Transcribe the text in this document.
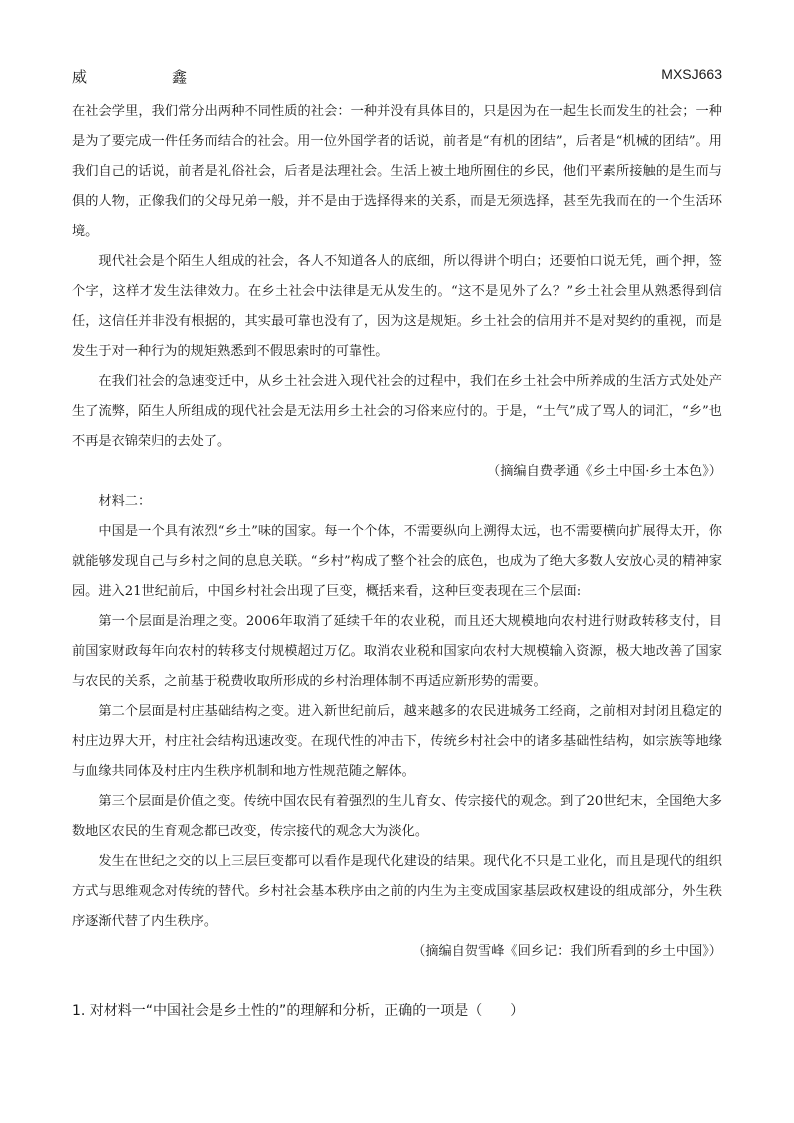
威	鑫	MXSJ663

在社会学里，我们常分出两种不同性质的社会：一种并没有具体目的，只是因为在一起生长而发生的社会；一种是为了要完成一件任务而结合的社会。用一位外国学者的话说，前者是“有机的团结”，后者是“机械的团结”。用我们自己的话说，前者是礼俗社会，后者是法理社会。生活上被土地所囿住的乡民，他们平素所接触的是生而与俱的人物，正像我们的父母兄弟一般，并不是由于选择得来的关系，而是无须选择，甚至先我而在的一个生活环境。

现代社会是个陌生人组成的社会，各人不知道各人的底细，所以得讲个明白；还要怕口说无凭，画个押，签个字，这样才发生法律效力。在乡土社会中法律是无从发生的。“这不是见外了么？”乡土社会里从熟悉得到信任，这信任并非没有根据的，其实最可靠也没有了，因为这是规矩。乡土社会的信用并不是对契约的重视，而是发生于对一种行为的规矩熟悉到不假思索时的可靠性。

在我们社会的急速变迁中，从乡土社会进入现代社会的过程中，我们在乡土社会中所养成的生活方式处处产生了流弊，陌生人所组成的现代社会是无法用乡土社会的习俗来应付的。于是，“土气”成了骂人的词汇，“乡”也不再是衣锦荣归的去处了。

（摘编自费孝通《乡土中国·乡土本色》）

材料二：

中国是一个具有浓烈“乡土”味的国家。每一个个体，不需要纵向上溯得太远，也不需要横向扩展得太开，你就能够发现自己与乡村之间的息息关联。“乡村”构成了整个社会的底色，也成为了绝大多数人安放心灵的精神家园。进入21世纪前后，中国乡村社会出现了巨变，概括来看，这种巨变表现在三个层面:

第一个层面是治理之变。2006年取消了延续千年的农业税，而且还大规模地向农村进行财政转移支付，目前国家财政每年向农村的转移支付规模超过万亿。取消农业税和国家向农村大规模输入资源，极大地改善了国家与农民的关系，之前基于税费收取所形成的乡村治理体制不再适应新形势的需要。

第二个层面是村庄基础结构之变。进入新世纪前后，越来越多的农民进城务工经商，之前相对封闭且稳定的村庄边界大开，村庄社会结构迅速改变。在现代性的冲击下，传统乡村社会中的诸多基础性结构，如宗族等地缘与血缘共同体及村庄内生秩序机制和地方性规范随之解体。

第三个层面是价值之变。传统中国农民有着强烈的生儿育女、传宗接代的观念。到了20世纪末，全国绝大多数地区农民的生育观念都已改变，传宗接代的观念大为淡化。

发生在世纪之交的以上三层巨变都可以看作是现代化建设的结果。现代化不只是工业化，而且是现代的组织方式与思维观念对传统的替代。乡村社会基本秩序由之前的内生为主变成国家基层政权建设的组成部分，外生秩序逐渐代替了内生秩序。

（摘编自贺雪峰《回乡记：我们所看到的乡土中国》）

1. 对材料一“中国社会是乡土性的”的理解和分析，正确的一项是（　　）
